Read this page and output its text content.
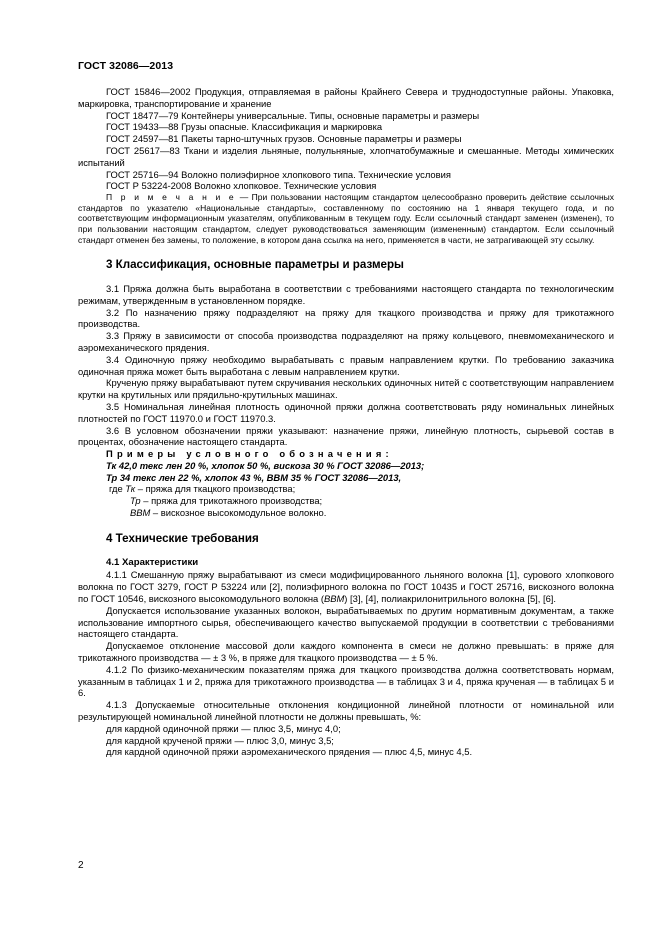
ГОСТ 32086—2013

ГОСТ 15846—2002 Продукция, отправляемая в районы Крайнего Севера и труднодоступные районы. Упаковка, маркировка, транспортирование и хранение

ГОСТ 18477—79 Контейнеры универсальные. Типы, основные параметры и размеры

ГОСТ 19433—88 Грузы опасные. Классификация и маркировка

ГОСТ 24597—81 Пакеты тарно-штучных грузов. Основные параметры и размеры

ГОСТ 25617—83 Ткани и изделия льняные, полульняные, хлопчатобумажные и смешанные. Методы химических испытаний

ГОСТ 25716—94 Волокно полиэфирное хлопкового типа. Технические условия

ГОСТ Р 53224-2008 Волокно хлопковое. Технические условия

П р и м е ч а н и е — При пользовании настоящим стандартом целесообразно проверить действие ссылочных стандартов по указателю «Национальные стандарты», составленному по состоянию на 1 января текущего года, и по соответствующим информационным указателям, опубликованным в текущем году. Если ссылочный стандарт заменен (изменен), то при пользовании настоящим стандартом, следует руководствоваться заменяющим (измененным) стандартом. Если ссылочный стандарт отменен без замены, то положение, в котором дана ссылка на него, применяется в части, не затрагивающей эту ссылку.

3 Классификация, основные параметры и размеры

3.1 Пряжа должна быть выработана в соответствии с требованиями настоящего стандарта по технологическим режимам, утвержденным в установленном порядке.

3.2 По назначению пряжу подразделяют на пряжу для ткацкого производства и пряжу для трикотажного производства.

3.3 Пряжу в зависимости от способа производства подразделяют на пряжу кольцевого, пневмомеханического и аэромеханического прядения.

3.4 Одиночную пряжу необходимо вырабатывать с правым направлением крутки. По требованию заказчика одиночная пряжа может быть выработана с левым направлением крутки.

Крученую пряжу вырабатывают путем скручивания нескольких одиночных нитей с соответствующим направлением крутки на крутильных или прядильно-крутильных машинах.

3.5 Номинальная линейная плотность одиночной пряжи должна соответствовать ряду номинальных линейных плотностей по ГОСТ 11970.0 и ГОСТ 11970.3.

3.6 В условном обозначении пряжи указывают: назначение пряжи, линейную плотность, сырьевой состав в процентах, обозначение настоящего стандарта.

Примеры условного обозначения:
Тк 42,0 текс лен 20 %, хлопок 50 %, вискоза 30 % ГОСТ 32086—2013;
Тр 34 текс лен 22 %, хлопок 43 %, ВВМ 35 % ГОСТ 32086—2013,
где Тк – пряжа для ткацкого производства;
Тр – пряжа для трикотажного производства;
ВВМ – вискозное высокомодульное волокно.
4 Технические требования
4.1 Характеристики

4.1.1 Смешанную пряжу вырабатывают из смеси модифицированного льняного волокна [1], сурового хлопкового волокна по ГОСТ 3279, ГОСТ Р 53224 или [2], полиэфирного волокна по ГОСТ 10435 и ГОСТ 25716, вискозного волокна по ГОСТ 10546, вискозного высокомодульного волокна (ВВМ) [3], [4], полиакрилонитрильного волокна [5], [6].

Допускается использование указанных волокон, вырабатываемых по другим нормативным документам, а также использование импортного сырья, обеспечивающего качество выпускаемой продукции в соответствии с требованиями настоящего стандарта.

Допускаемое отклонение массовой доли каждого компонента в смеси не должно превышать: в пряже для трикотажного производства — ± 3 %, в пряже для ткацкого производства — ± 5 %.

4.1.2 По физико-механическим показателям пряжа для ткацкого производства должна соответствовать нормам, указанным в таблицах 1 и 2, пряжа для трикотажного производства — в таблицах 3 и 4, пряжа крученая — в таблицах 5 и 6.

4.1.3 Допускаемые относительные отклонения кондиционной линейной плотности от номинальной или результирующей номинальной линейной плотности не должны превышать, %:

для кардной одиночной пряжи — плюс 3,5, минус 4,0;
для кардной крученой пряжи — плюс 3,0, минус 3,5;
для кардной одиночной пряжи аэромеханического прядения — плюс 4,5, минус 4,5.
2
